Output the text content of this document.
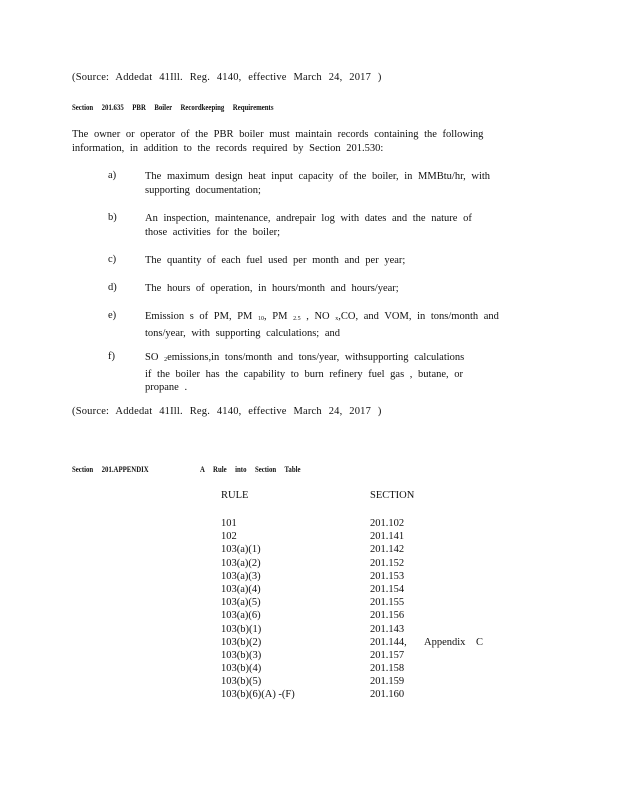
(Source: Addedat 41Ill. Reg. 4140, effective March 24, 2017 )
Section 201.635 PBR Boiler Recordkeeping Requirements
The owner or operator of the PBR boiler must maintain records containing the following
information, in addition to the records required by Section 201.530:
a)	The maximum design heat input capacity of the boiler, in MMBtu/hr, with
supporting documentation;
b)	An inspection, maintenance, andrepair log with dates and the nature of
those activities for the boiler;
c)	The quantity of each fuel used per month and per year;
d)	The hours of operation, in hours/month and hours/year;
e)	Emission s of PM, PM 10, PM 2.5 , NO x,CO, and VOM, in tons/month and
tons/year, with supporting calculations; and
f)	SO 2emissions,in tons/month and tons/year, withsupporting calculations
if the boiler has the capability to burn refinery fuel gas , butane, or
propane .
(Source: Addedat 41Ill. Reg. 4140, effective March 24, 2017 )
Section 201.APPENDIX	A Rule into Section Table
RULE	SECTION
101	201.102
102	201.141
103(a)(1)	201.142
103(a)(2)	201.152
103(a)(3)	201.153
103(a)(4)	201.154
103(a)(5)	201.155
103(a)(6)	201.156
103(b)(1)	201.143
103(b)(2)	201.144, Appendix C
103(b)(3)	201.157
103(b)(4)	201.158
103(b)(5)	201.159
103(b)(6)(A) -(F)	201.160
